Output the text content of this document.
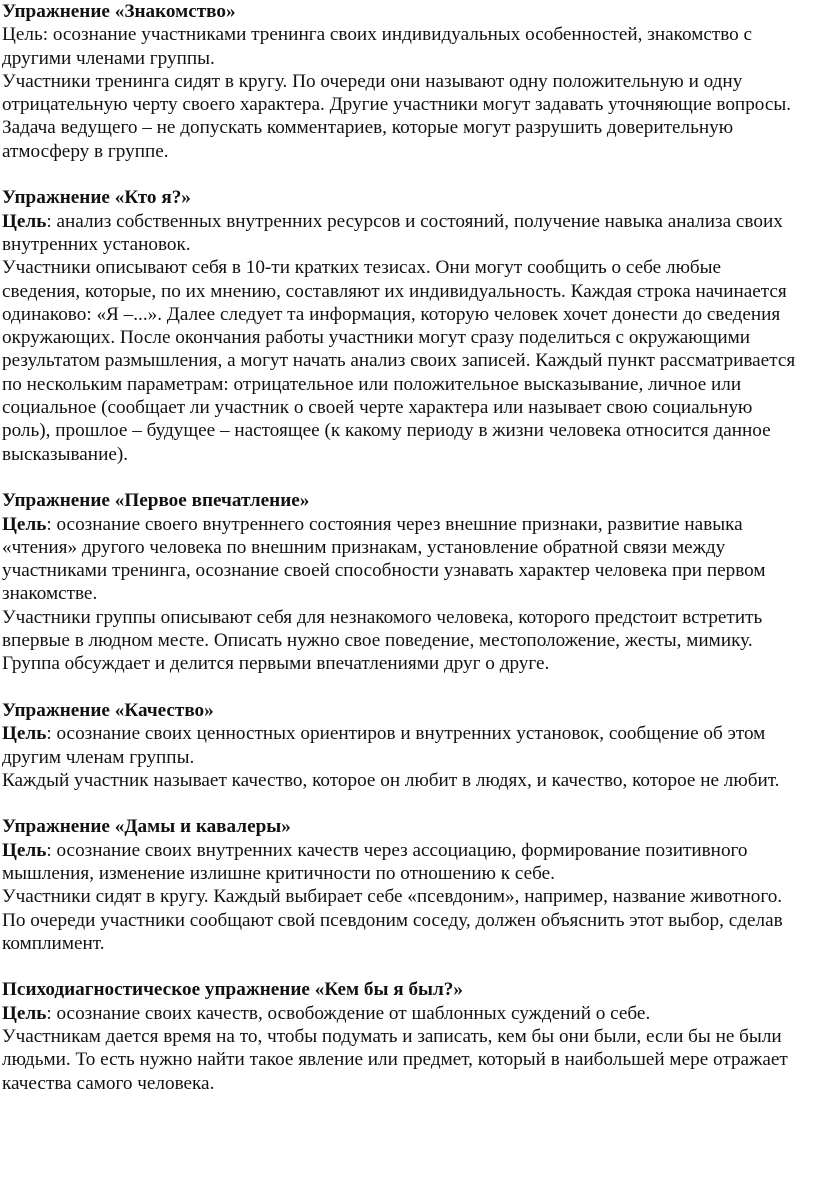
Упражнение «Знакомство»

Цель: осознание участниками тренинга своих индивидуальных особенностей, знакомство с другими членами группы.

Участники тренинга сидят в кругу. По очереди они называют одну положительную и одну отрицательную черту своего характера. Другие участники могут задавать уточняющие вопросы. Задача ведущего – не допускать комментариев, которые могут разрушить доверительную атмосферу в группе.

Упражнение «Кто я?»

Цель: анализ собственных внутренних ресурсов и состояний, получение навыка анализа своих внутренних установок.

Участники описывают себя в 10-ти кратких тезисах. Они могут сообщить о себе любые сведения, которые, по их мнению, составляют их индивидуальность. Каждая строка начинается одинаково: «Я –...». Далее следует та информация, которую человек хочет донести до сведения окружающих. После окончания работы участники могут сразу поделиться с окружающими результатом размышления, а могут начать анализ своих записей. Каждый пункт рассматривается по нескольким параметрам: отрицательное или положительное высказывание, личное или социальное (сообщает ли участник о своей черте характера или называет свою социальную роль), прошлое – будущее – настоящее (к какому периоду в жизни человека относится данное высказывание).

Упражнение «Первое впечатление»

Цель: осознание своего внутреннего состояния через внешние признаки, развитие навыка «чтения» другого человека по внешним признакам, установление обратной связи между участниками тренинга, осознание своей способности узнавать характер человека при первом знакомстве.

Участники группы описывают себя для незнакомого человека, которого предстоит встретить впервые в людном месте. Описать нужно свое поведение, местоположение, жесты, мимику. Группа обсуждает и делится первыми впечатлениями друг о друге.

Упражнение «Качество»

Цель: осознание своих ценностных ориентиров и внутренних установок, сообщение об этом другим членам группы.

Каждый участник называет качество, которое он любит в людях, и качество, которое не любит.

Упражнение «Дамы и кавалеры»

Цель: осознание своих внутренних качеств через ассоциацию, формирование позитивного мышления, изменение излишне критичности по отношению к себе.

Участники сидят в кругу. Каждый выбирает себе «псевдоним», например, название животного. По очереди участники сообщают свой псевдоним соседу, должен объяснить этот выбор, сделав комплимент.

Психодиагностическое упражнение «Кем бы я был?»

Цель: осознание своих качеств, освобождение от шаблонных суждений о себе.

Участникам дается время на то, чтобы подумать и записать, кем бы они были, если бы не были людьми. То есть нужно найти такое явление или предмет, который в наибольшей мере отражает качества самого человека.
